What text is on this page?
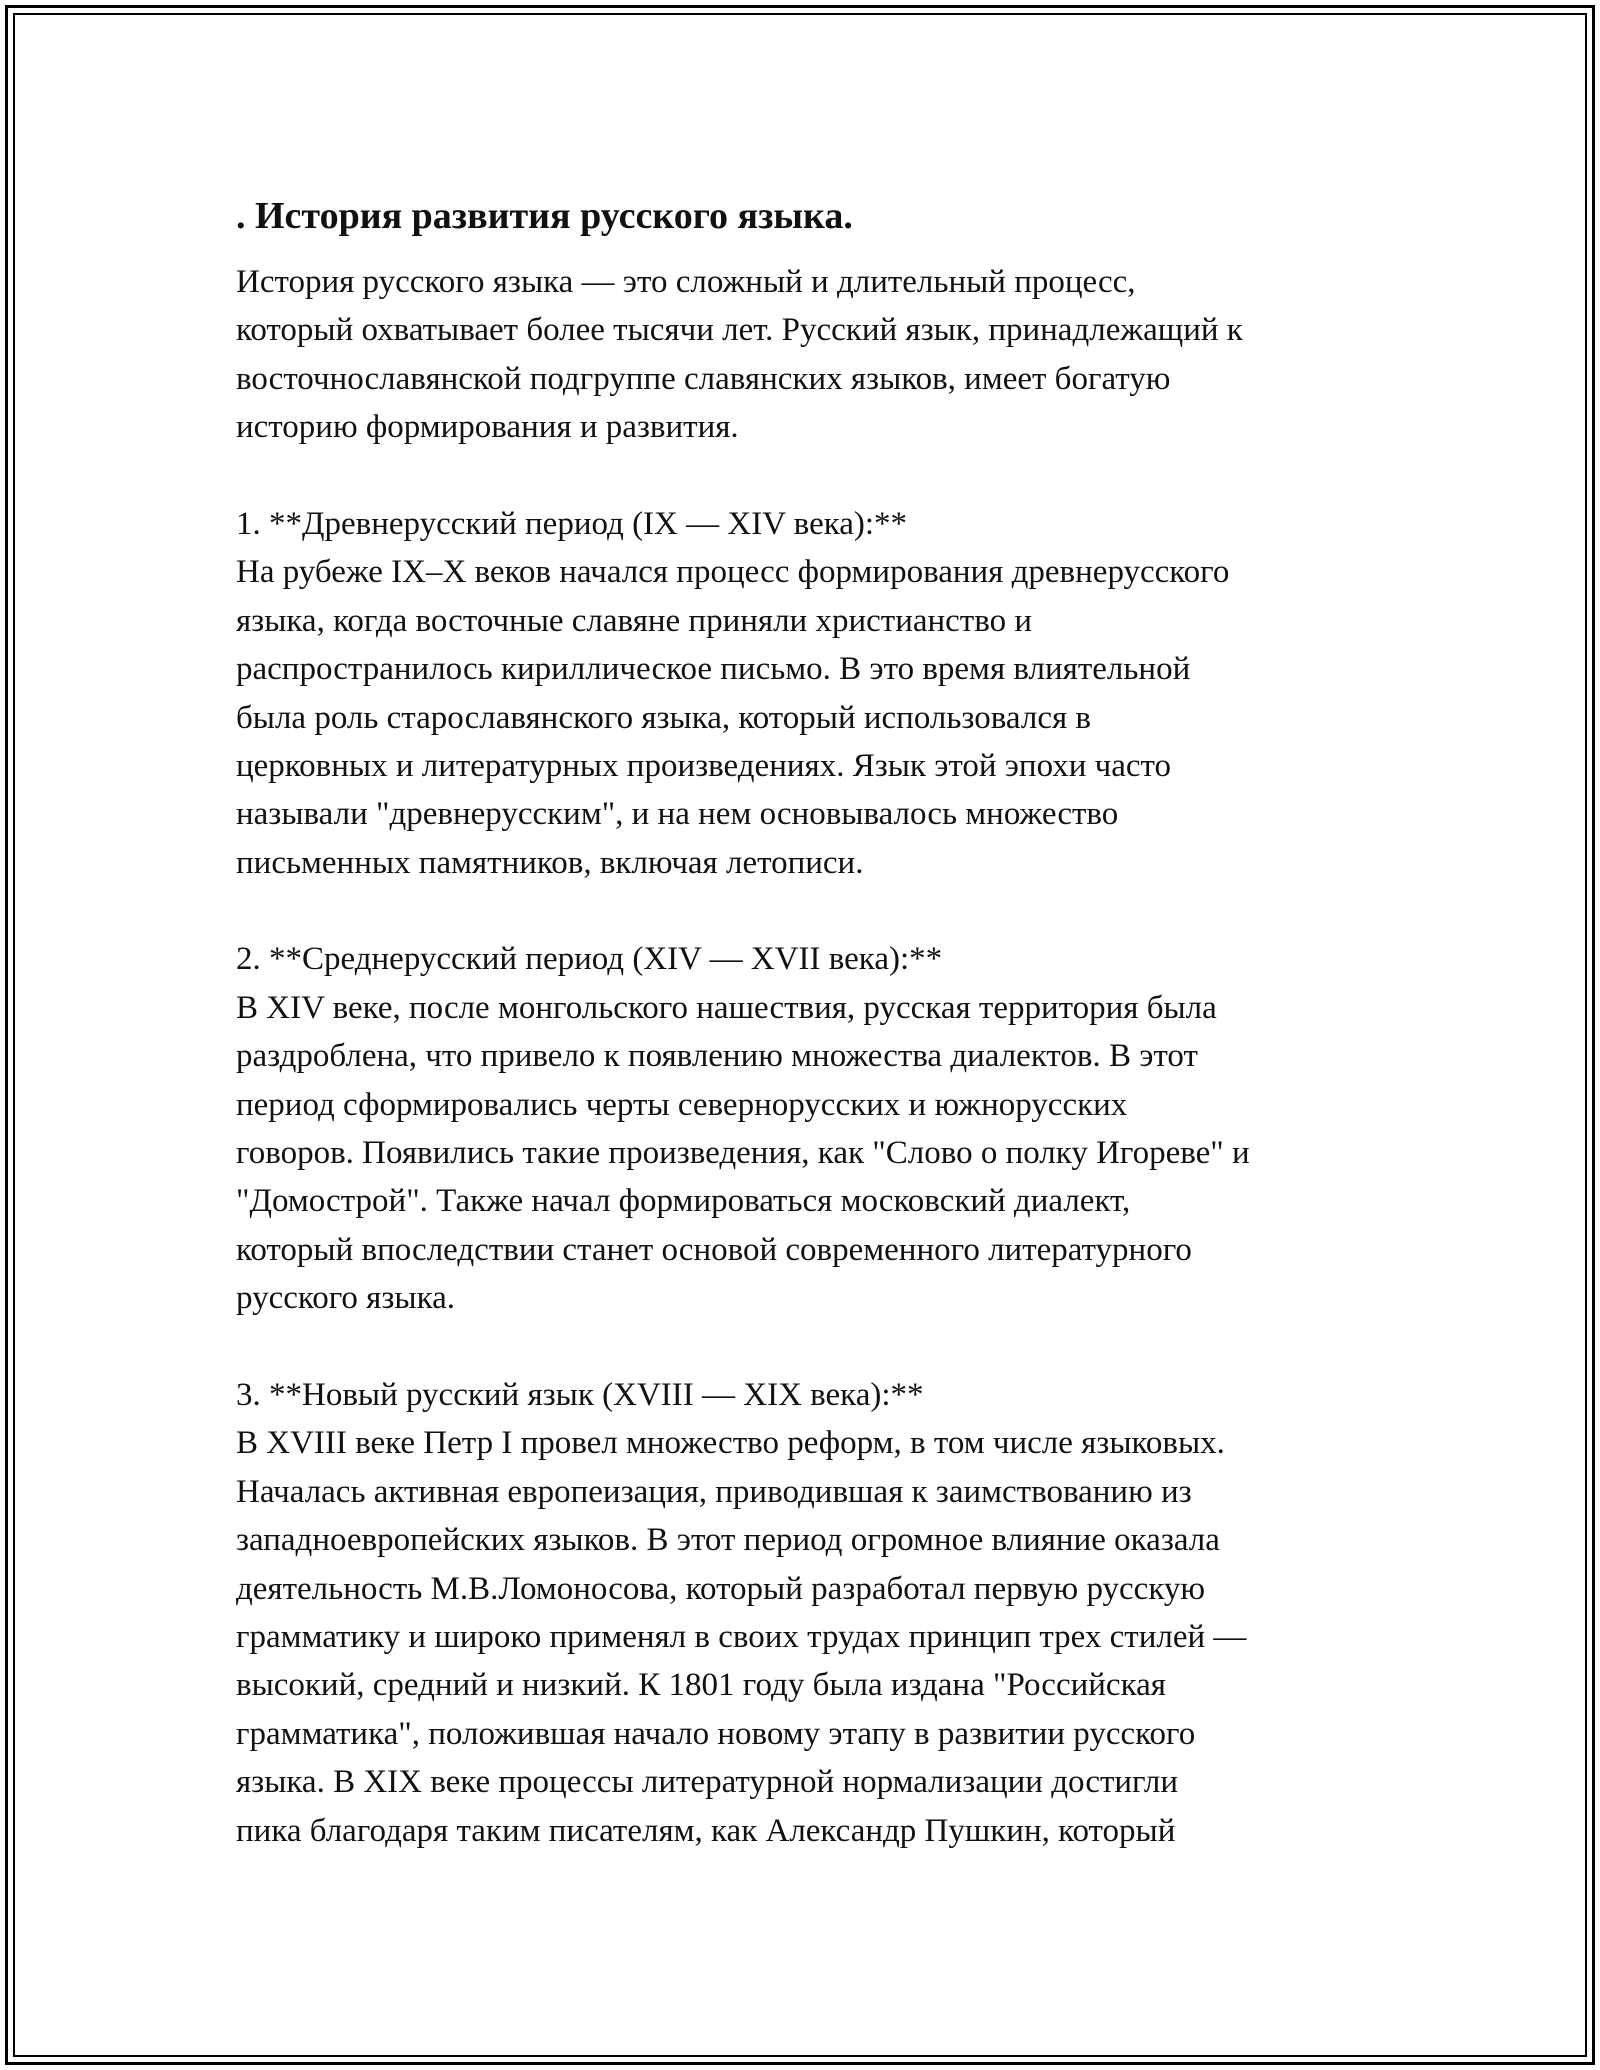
. История развития русского языка.
История русского языка — это сложный и длительный процесс,
который охватывает более тысячи лет. Русский язык, принадлежащий к
восточнославянской подгруппе славянских языков, имеет богатую
историю формирования и развития.
1. **Древнерусский период (IX — XIV века):**
На рубеже IX–X веков начался процесс формирования древнерусского
языка, когда восточные славяне приняли христианство и
распространилось кириллическое письмо. В это время влиятельной
была роль старославянского языка, который использовался в
церковных и литературных произведениях. Язык этой эпохи часто
называли "древнерусским", и на нем основывалось множество
письменных памятников, включая летописи.
2. **Среднерусский период (XIV — XVII века):**
В XIV веке, после монгольского нашествия, русская территория была
раздроблена, что привело к появлению множества диалектов. В этот
период сформировались черты севернорусских и южнорусских
говоров. Появились такие произведения, как "Слово о полку Игореве" и
"Домострой". Также начал формироваться московский диалект,
который впоследствии станет основой современного литературного
русского языка.
3. **Новый русский язык (XVIII — XIX века):**
В XVIII веке Петр I провел множество реформ, в том числе языковых.
Началась активная европеизация, приводившая к заимствованию из
западноевропейских языков. В этот период огромное влияние оказала
деятельность М.В.Ломоносова, который разработал первую русскую
грамматику и широко применял в своих трудах принцип трех стилей —
высокий, средний и низкий. К 1801 году была издана "Российская
грамматика", положившая начало новому этапу в развитии русского
языка. В XIX веке процессы литературной нормализации достигли
пика благодаря таким писателям, как Александр Пушкин, который
